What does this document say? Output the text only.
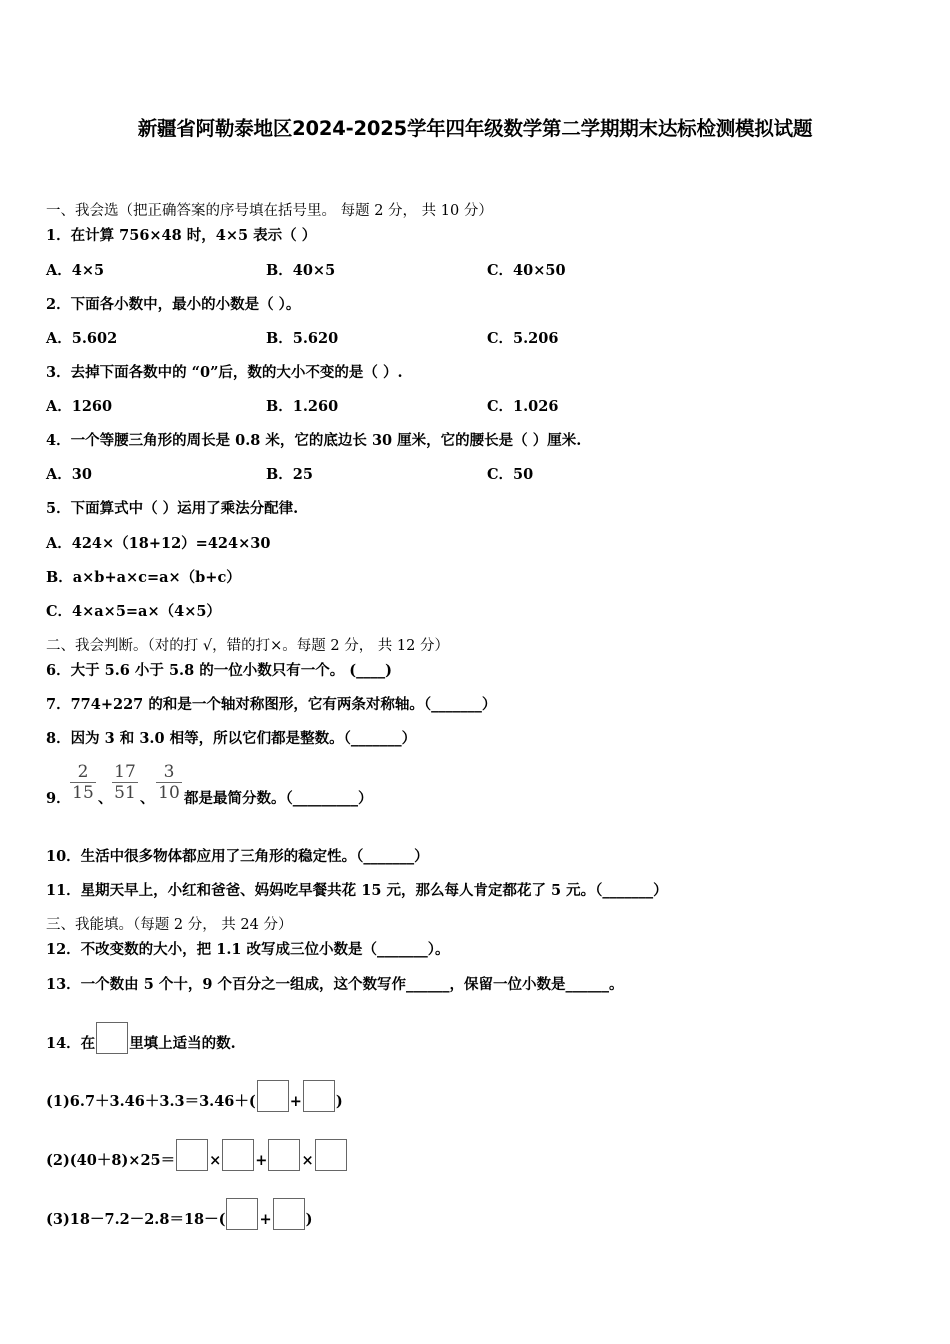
新疆省阿勒泰地区2024-2025学年四年级数学第二学期期末达标检测模拟试题
一、我会选（把正确答案的序号填在括号里。 每题 2 分， 共 10 分）
1．在计算 756×48 时，4×5 表示（ ）
A．4×5	B．40×5	C．40×50
2．下面各小数中，最小的小数是（ ）。
A．5.602	B．5.620	C．5.206
3．去掉下面各数中的 “0”后，数的大小不变的是（ ）.
A．1260	B．1.260	C．1.026
4．一个等腰三角形的周长是 0.8 米，它的底边长 30 厘米，它的腰长是（ ）厘米.
A．30	B．25	C．50
5．下面算式中（ ）运用了乘法分配律.
A．424×（18+12）=424×30
B．a×b+a×c=a×（b+c）
C．4×a×5=a×（4×5）
二、我会判断。（对的打 √，错的打×。每题 2 分， 共 12 分）
6．大于 5.6 小于 5.8 的一位小数只有一个。 (____)
7．774+227 的和是一个轴对称图形，它有两条对称轴。（_______）
8．因为 3 和 3.0 相等，所以它们都是整数。（_______）
9． $\frac{2}{15}$ 、 $\frac{17}{51}$ 、 $\frac{3}{10}$ 都是最简分数。（_________）
10．生活中很多物体都应用了三角形的稳定性。（_______）
11．星期天早上，小红和爸爸、妈妈吃早餐共花 15 元，那么每人肯定都花了 5 元。（_______）
三、我能填。（每题 2 分， 共 24 分）
12．不改变数的大小，把 1.1 改写成三位小数是（_______）。
13．一个数由 5 个十，9 个百分之一组成，这个数写作______，保留一位小数是______。
14．在 里填上适当的数.
(1)6.7＋3.46＋3.3＝3.46＋( + )
(2)(40＋8)×25＝ × + ×
(3)18－7.2－2.8＝18－( + )
